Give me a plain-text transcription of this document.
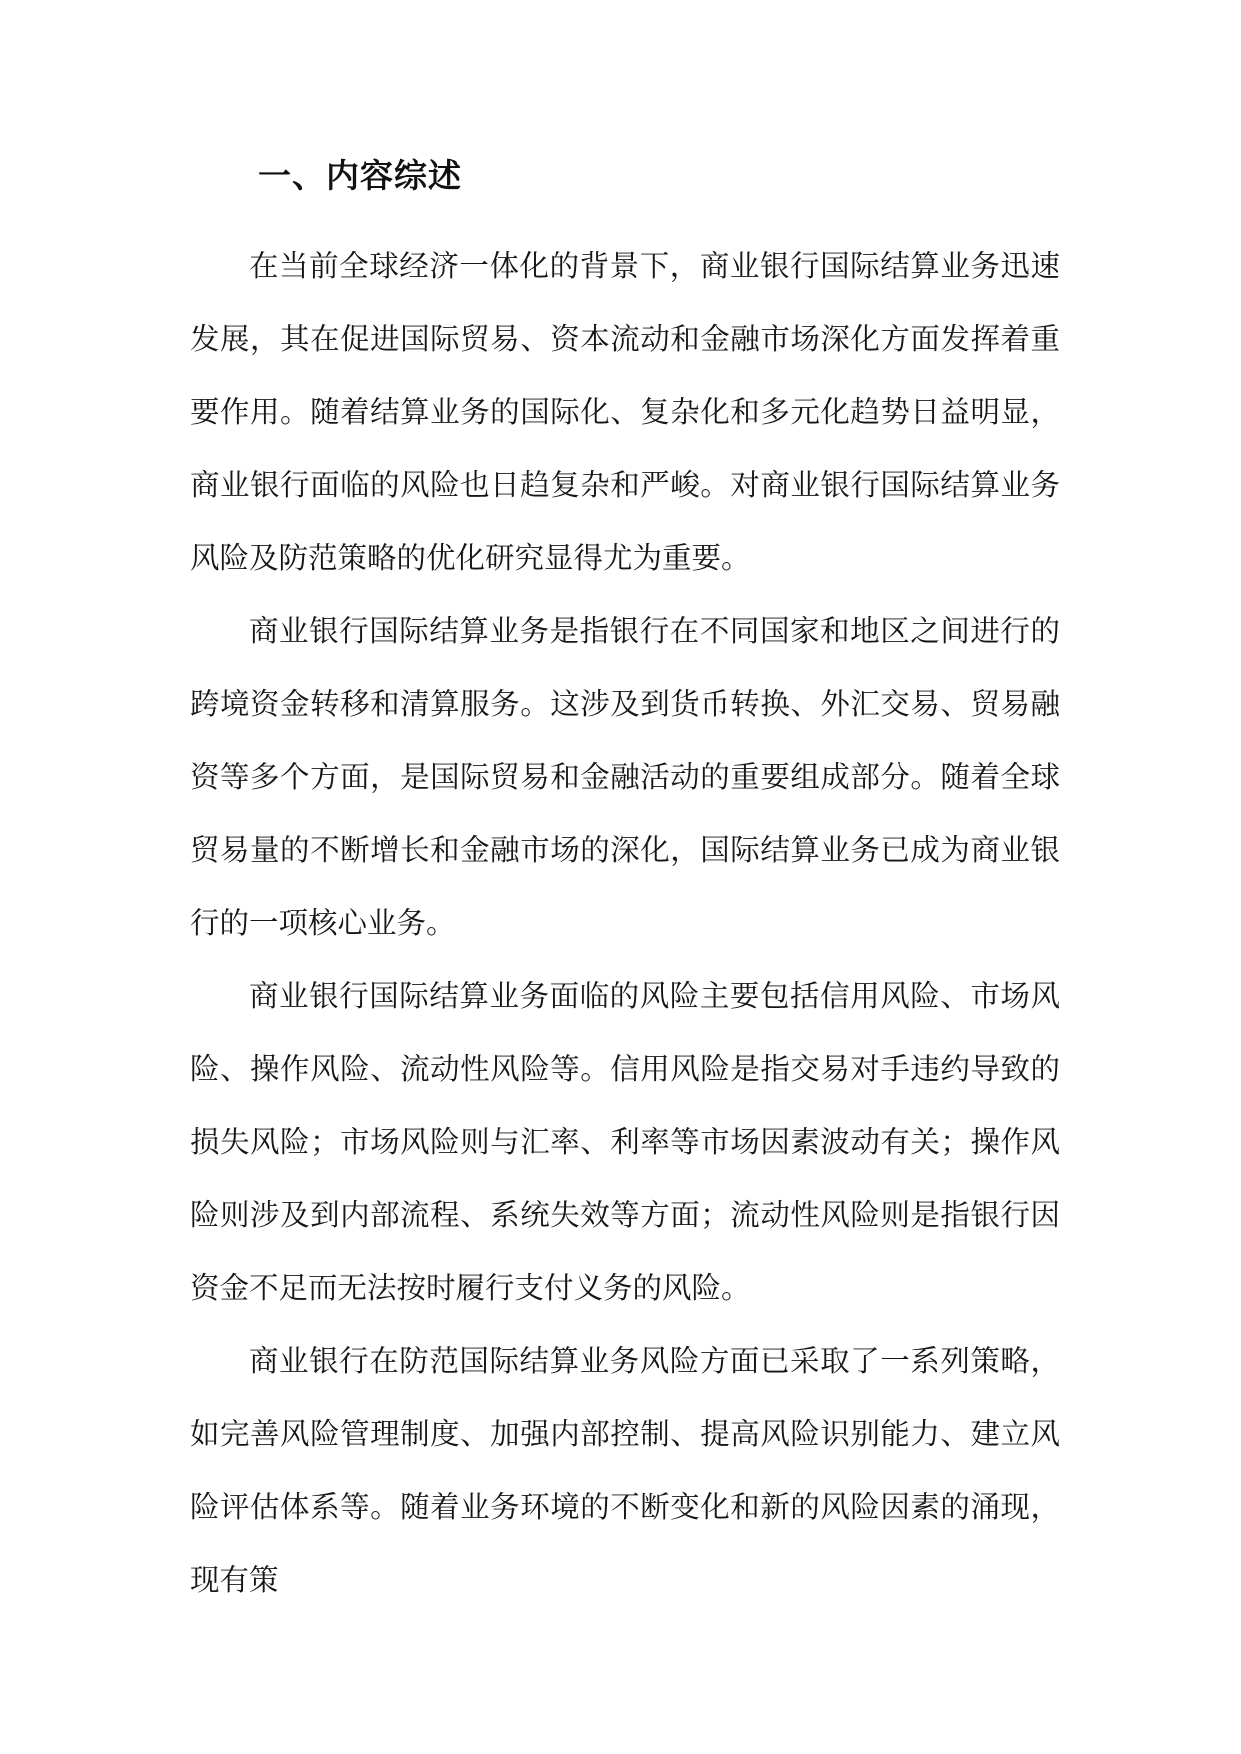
一、内容综述

在当前全球经济一体化的背景下，商业银行国际结算业务迅速发展，其在促进国际贸易、资本流动和金融市场深化方面发挥着重要作用。随着结算业务的国际化、复杂化和多元化趋势日益明显，商业银行面临的风险也日趋复杂和严峻。对商业银行国际结算业务风险及防范策略的优化研究显得尤为重要。

商业银行国际结算业务是指银行在不同国家和地区之间进行的跨境资金转移和清算服务。这涉及到货币转换、外汇交易、贸易融资等多个方面，是国际贸易和金融活动的重要组成部分。随着全球贸易量的不断增长和金融市场的深化，国际结算业务已成为商业银行的一项核心业务。

商业银行国际结算业务面临的风险主要包括信用风险、市场风险、操作风险、流动性风险等。信用风险是指交易对手违约导致的损失风险；市场风险则与汇率、利率等市场因素波动有关；操作风险则涉及到内部流程、系统失效等方面；流动性风险则是指银行因资金不足而无法按时履行支付义务的风险。

商业银行在防范国际结算业务风险方面已采取了一系列策略，如完善风险管理制度、加强内部控制、提高风险识别能力、建立风险评估体系等。随着业务环境的不断变化和新的风险因素的涌现，现有策
